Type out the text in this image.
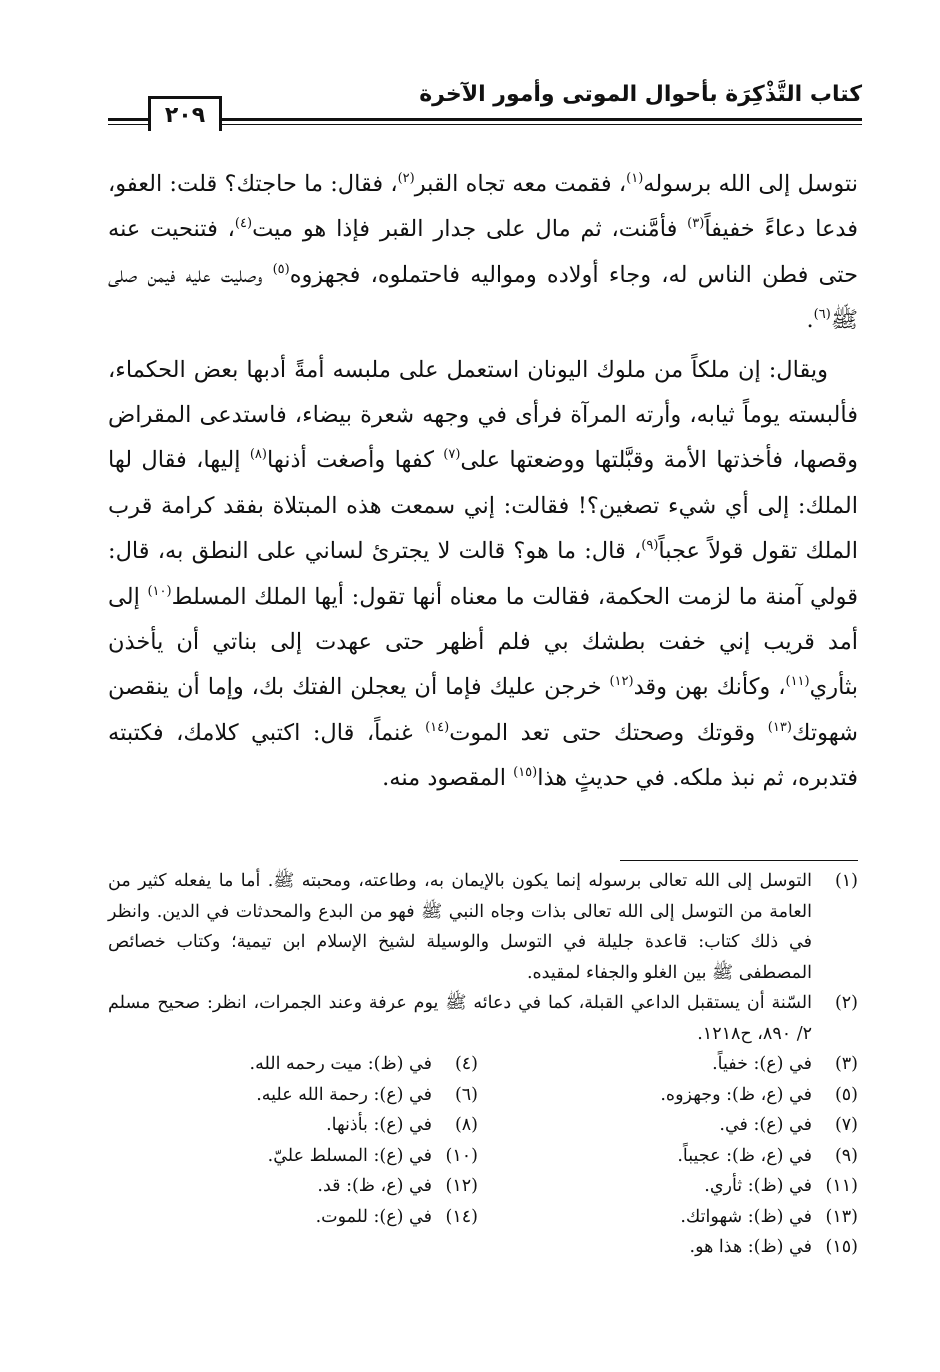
كتاب التَّذْكِرَة بأحوال الموتى وأمور الآخرة
٢٠٩

نتوسل إلى الله برسوله$^{(١)}$، فقمت معه تجاه القبر$^{(٢)}$، فقال: ما حاجتك؟ قلت: العفو، فدعا دعاءً خفيفاً$^{(٣)}$ فأمَّنت، ثم مال على جدار القبر فإذا هو ميت$^{(٤)}$، فتنحيت عنه حتى فطن الناس له، وجاء أولاده ومواليه فاحتملوه، فجهزوه$^{(٥)}$ وصليت عليه فيمن صلى ﷺ$^{(٦)}$.

ويقال: إن ملكاً من ملوك اليونان استعمل على ملبسه أمةً أدبها بعض الحكماء، فألبسته يوماً ثيابه، وأرته المرآة فرأى في وجهه شعرة بيضاء، فاستدعى المقراض وقصها، فأخذتها الأمة وقبَّلتها ووضعتها على$^{(٧)}$ كفها وأصغت أذنها$^{(٨)}$ إليها، فقال لها الملك: إلى أي شيء تصغين؟! فقالت: إني سمعت هذه المبتلاة بفقد كرامة قرب الملك تقول قولاً عجباً$^{(٩)}$، قال: ما هو؟ قالت لا يجترئ لساني على النطق به، قال: قولي آمنة ما لزمت الحكمة، فقالت ما معناه أنها تقول: أيها الملك المسلط$^{(١٠)}$ إلى أمد قريب إني خفت بطشك بي فلم أظهر حتى عهدت إلى بناتي أن يأخذن بثأري$^{(١١)}$، وكأنك بهن وقد$^{(١٢)}$ خرجن عليك فإما أن يعجلن الفتك بك، وإما أن ينقصن شهوتك$^{(١٣)}$ وقوتك وصحتك حتى تعد الموت$^{(١٤)}$ غنماً، قال: اكتبي كلامك، فكتبته فتدبره، ثم نبذ ملكه. في حديثٍ هذا$^{(١٥)}$ المقصود منه.

(١)
التوسل إلى الله تعالى برسوله إنما يكون بالإيمان به، وطاعته، ومحبته ﷺ. أما ما يفعله كثير من العامة من التوسل إلى الله تعالى بذات وجاه النبي ﷺ فهو من البدع والمحدثات في الدين. وانظر في ذلك كتاب: قاعدة جليلة في التوسل والوسيلة لشيخ الإسلام ابن تيمية؛ وكتاب خصائص المصطفى ﷺ بين الغلو والجفاء لمقيده.
(٢)
السّنة أن يستقبل الداعي القبلة، كما في دعائه ﷺ يوم عرفة وعند الجمرات، انظر: صحيح مسلم ٢/ ٨٩٠، ح١٢١٨.
(٣)
في (ع): خفياً.
(٤)
في (ظ): ميت رحمه الله.
(٥)
في (ع، ظ): وجهزوه.
(٦)
في (ع): رحمة الله عليه.
(٧)
في (ع): في.
(٨)
في (ع): بأذنها.
(٩)
في (ع، ظ): عجيباً.
(١٠)
في (ع): المسلط عليّ.
(١١)
في (ظ): ثأري.
(١٢)
في (ع، ظ): قد.
(١٣)
في (ظ): شهواتك.
(١٤)
في (ع): للموت.
(١٥)
في (ظ): هذا هو.
